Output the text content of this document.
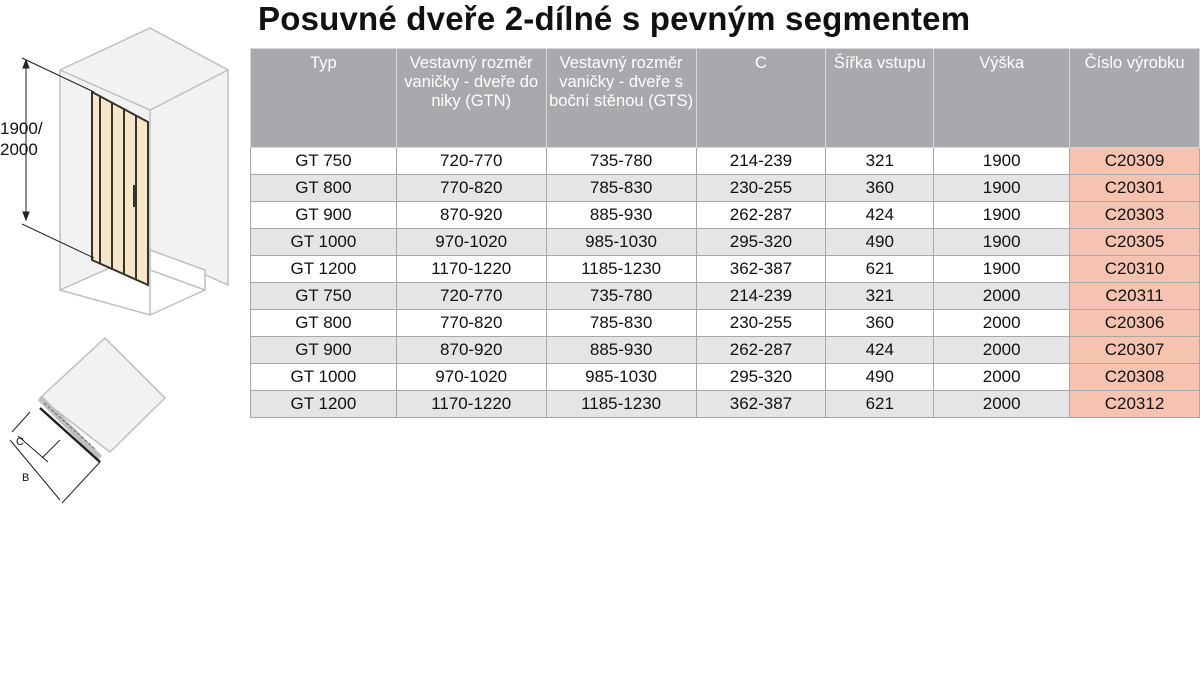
Posuvné dveře 2-dílné s pevným segmentem
1900/
2000
C
B
Typ	Vestavný rozměr vaničky - dveře do niky (GTN)	Vestavný rozměr vaničky - dveře s boční stěnou (GTS)	C	Šířka vstupu	Výška	Číslo výrobku
GT 750	720-770	735-780	214-239	321	1900	C20309
GT 800	770-820	785-830	230-255	360	1900	C20301
GT 900	870-920	885-930	262-287	424	1900	C20303
GT 1000	970-1020	985-1030	295-320	490	1900	C20305
GT 1200	1170-1220	1185-1230	362-387	621	1900	C20310
GT 750	720-770	735-780	214-239	321	2000	C20311
GT 800	770-820	785-830	230-255	360	2000	C20306
GT 900	870-920	885-930	262-287	424	2000	C20307
GT 1000	970-1020	985-1030	295-320	490	2000	C20308
GT 1200	1170-1220	1185-1230	362-387	621	2000	C20312
